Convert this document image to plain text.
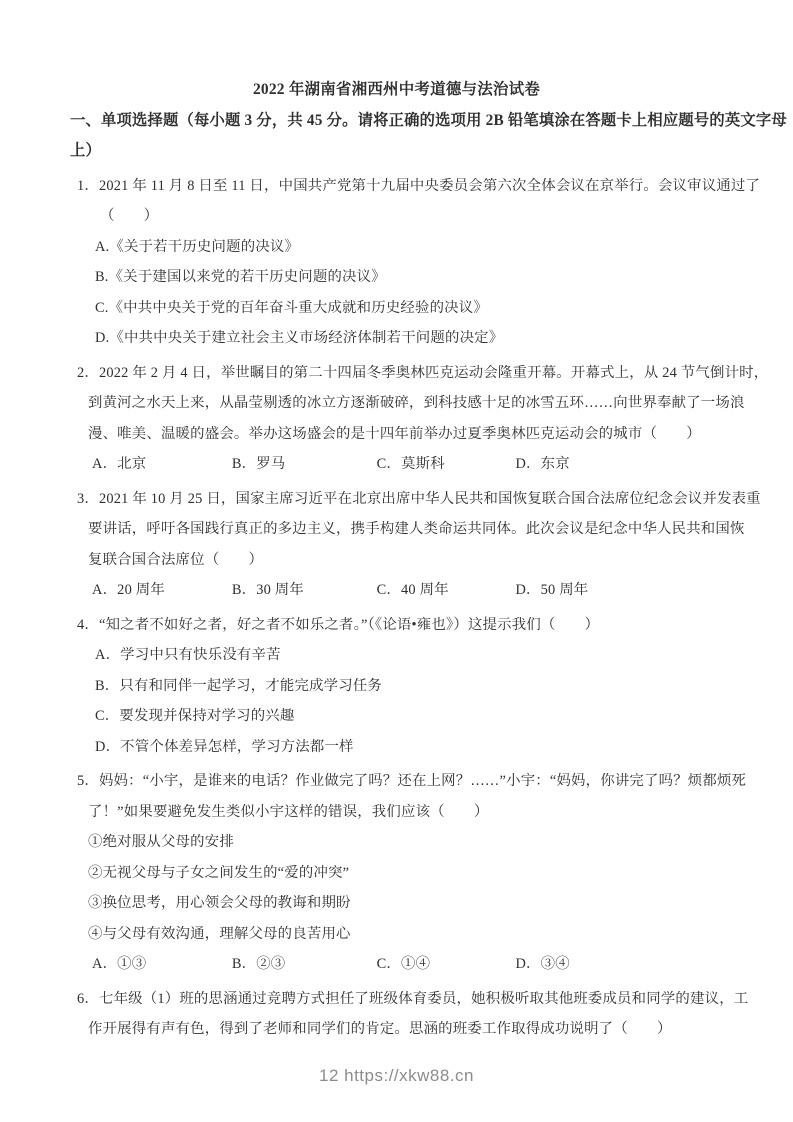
2022 年湖南省湘西州中考道德与法治试卷
一、单项选择题（每小题 3 分，共 45 分。请将正确的选项用 2B 铅笔填涂在答题卡上相应题号的英文字母
上）
1．2021 年 11 月 8 日至 11 日，中国共产党第十九届中央委员会第六次全体会议在京举行。会议审议通过了
（　　）
A.《关于若干历史问题的决议》
B.《关于建国以来党的若干历史问题的决议》
C.《中共中央关于党的百年奋斗重大成就和历史经验的决议》
D.《中共中央关于建立社会主义市场经济体制若干问题的决定》
2．2022 年 2 月 4 日，举世瞩目的第二十四届冬季奥林匹克运动会隆重开幕。开幕式上，从 24 节气倒计时，
到黄河之水天上来，从晶莹剔透的冰立方逐渐破碎，到科技感十足的冰雪五环……向世界奉献了一场浪
漫、唯美、温暖的盛会。举办这场盛会的是十四年前举办过夏季奥林匹克运动会的城市（　　）
A．北京	B．罗马	C．莫斯科	D．东京
3．2021 年 10 月 25 日，国家主席习近平在北京出席中华人民共和国恢复联合国合法席位纪念会议并发表重
要讲话，呼吁各国践行真正的多边主义，携手构建人类命运共同体。此次会议是纪念中华人民共和国恢
复联合国合法席位（　　）
A．20 周年	B．30 周年	C．40 周年	D．50 周年
4．“知之者不如好之者，好之者不如乐之者。”（《论语•雍也》）这提示我们（　　）
A．学习中只有快乐没有辛苦
B．只有和同伴一起学习，才能完成学习任务
C．要发现并保持对学习的兴趣
D．不管个体差异怎样，学习方法都一样
5．妈妈：“小宇，是谁来的电话？作业做完了吗？还在上网？……”小宇：“妈妈，你讲完了吗？烦都烦死
了！”如果要避免发生类似小宇这样的错误，我们应该（　　）
①绝对服从父母的安排
②无视父母与子女之间发生的“爱的冲突”
③换位思考，用心领会父母的教诲和期盼
④与父母有效沟通，理解父母的良苦用心
A．①③	B．②③	C．①④	D．③④
6．七年级（1）班的思涵通过竞聘方式担任了班级体育委员，她积极听取其他班委成员和同学的建议，工
作开展得有声有色，得到了老师和同学们的肯定。思涵的班委工作取得成功说明了（　　）
12 https://xkw88.cn
